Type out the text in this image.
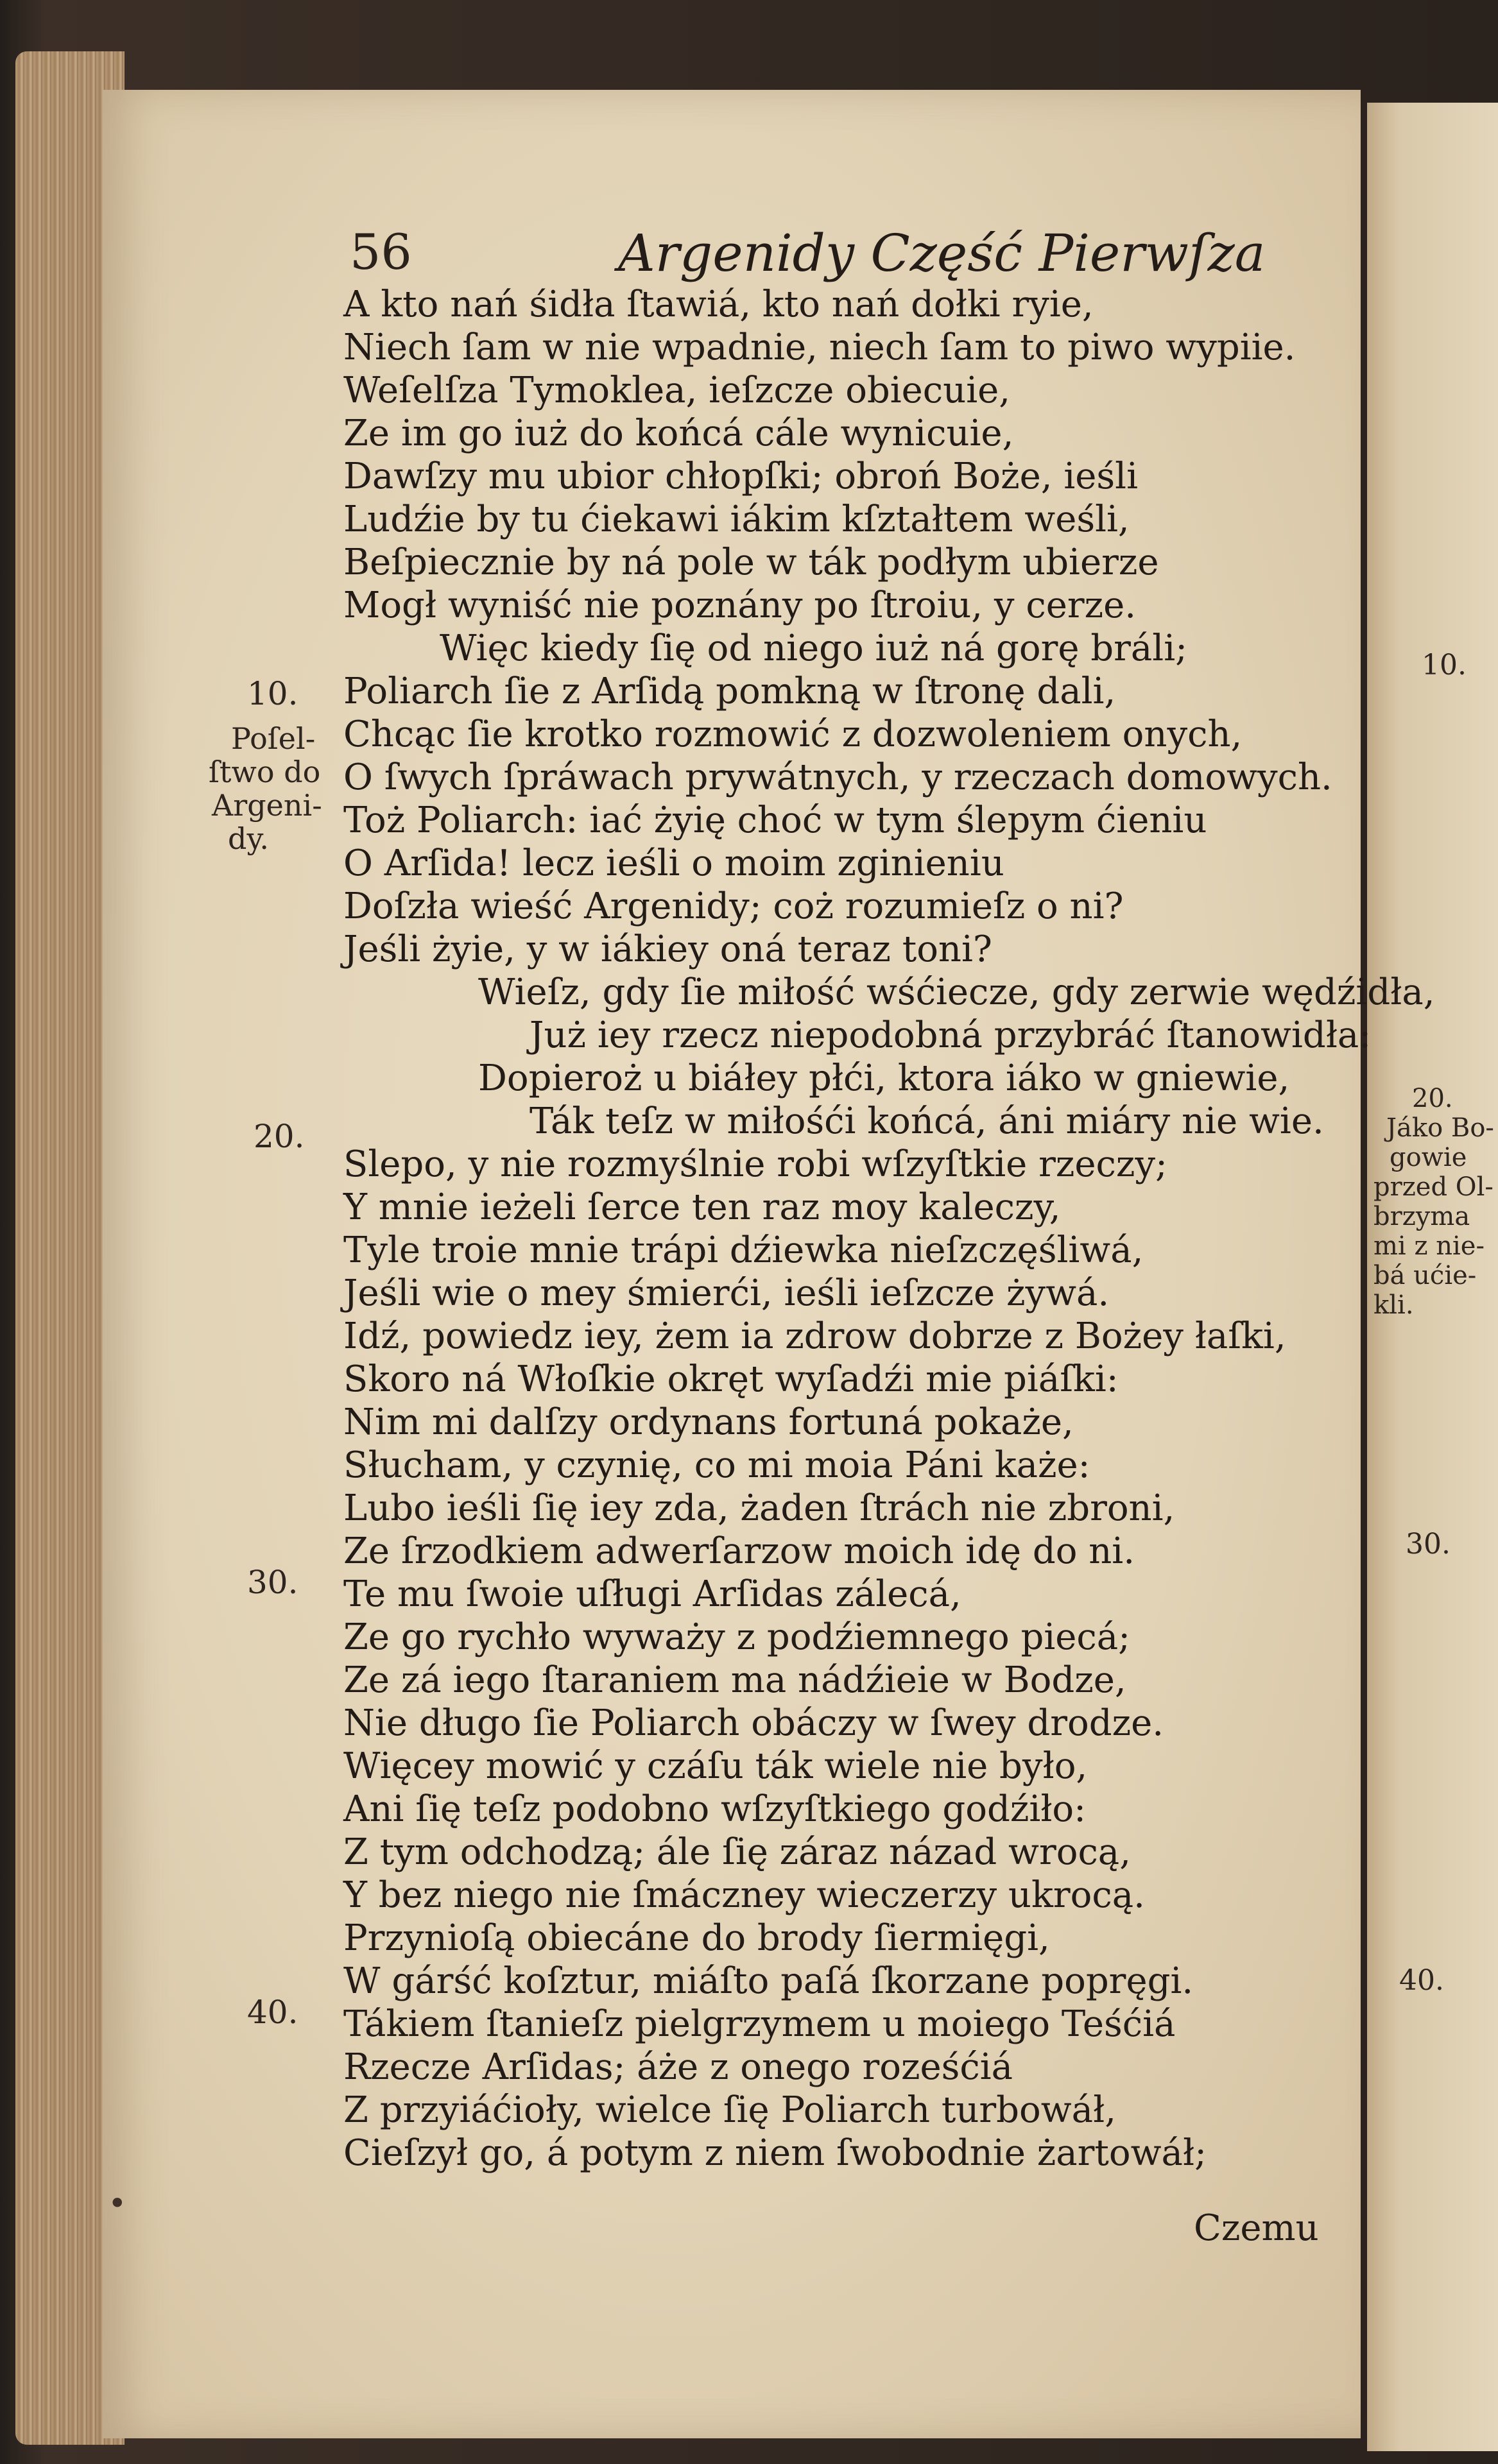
56	Argenidy Część Pierwſza
A kto nań śidła ſtawiá, kto nań dołki ryie,
Niech ſam w nie wpadnie, niech ſam to piwo wypiie.
Weſelſza Tymoklea, ieſzcze obiecuie,
Ze im go iuż do końcá cále wynicuie,
Dawſzy mu ubior chłopſki; obroń Boże, ieśli
Ludźie by tu ćiekawi iákim kſztałtem weśli,
Beſpiecznie by ná pole w ták podłym ubierze
Mogł wyniść nie poznány po ſtroiu, y cerze.
Więc kiedy ſię od niego iuż ná gorę bráli;
Poliarch ſie z Arſidą pomkną w ſtronę dali,
Chcąc ſie krotko rozmowić z dozwoleniem onych,
O ſwych ſpráwach prywátnych, y rzeczach domowych.
Toż Poliarch: iać żyię choć w tym ślepym ćieniu
O Arſida! lecz ieśli o moim zginieniu
Doſzła wieść Argenidy; coż rozumieſz o ni?
Jeśli żyie, y w iákiey oná teraz toni?
Wieſz, gdy ſie miłość wśćiecze, gdy zerwie wędźidła,
Już iey rzecz niepodobná przybráć ſtanowidła:
Dopieroż u biáłey płći, ktora iáko w gniewie,
Ták teſz w miłośći końcá, áni miáry nie wie.
Slepo, y nie rozmyślnie robi wſzyſtkie rzeczy;
Y mnie ieżeli ſerce ten raz moy kaleczy,
Tyle troie mnie trápi dźiewka nieſzczęśliwá,
Jeśli wie o mey śmierći, ieśli ieſzcze żywá.
Idź, powiedz iey, żem ia zdrow dobrze z Bożey łaſki,
Skoro ná Włoſkie okręt wyſadźi mie piáſki:
Nim mi dalſzy ordynans fortuná pokaże,
Słucham, y czynię, co mi moia Páni każe:
Lubo ieśli ſię iey zda, żaden ſtrách nie zbroni,
Ze ſrzodkiem adwerſarzow moich idę do ni.
Te mu ſwoie uſługi Arſidas zálecá,
Ze go rychło wyważy z podźiemnego piecá;
Ze zá iego ſtaraniem ma nádźieie w Bodze,
Nie długo ſie Poliarch obáczy w ſwey drodze.
Więcey mowić y czáſu ták wiele nie było,
Ani ſię teſz podobno wſzyſtkiego godźiło:
Z tym odchodzą; ále ſię záraz názad wrocą,
Y bez niego nie ſmáczney wieczerzy ukrocą.
Przynioſą obiecáne do brody ſiermięgi,
W gárść koſztur, miáſto paſá ſkorzane popręgi.
Tákiem ſtanieſz pielgrzymem u moiego Teśćiá
Rzecze Arſidas; áże z onego roześćiá
Z przyiáćioły, wielce ſię Poliarch turbowáł,
Cieſzył go, á potym z niem ſwobodnie żartowáł;
10.
Poſel-
ſtwo do
Argeni-
dy.
20.
30.
40.
10.
20.
Jáko Bo-
gowie
przed Ol-
brzyma
mi z nie-
bá ućie-
kli.
30.
40.
Czemu
•
